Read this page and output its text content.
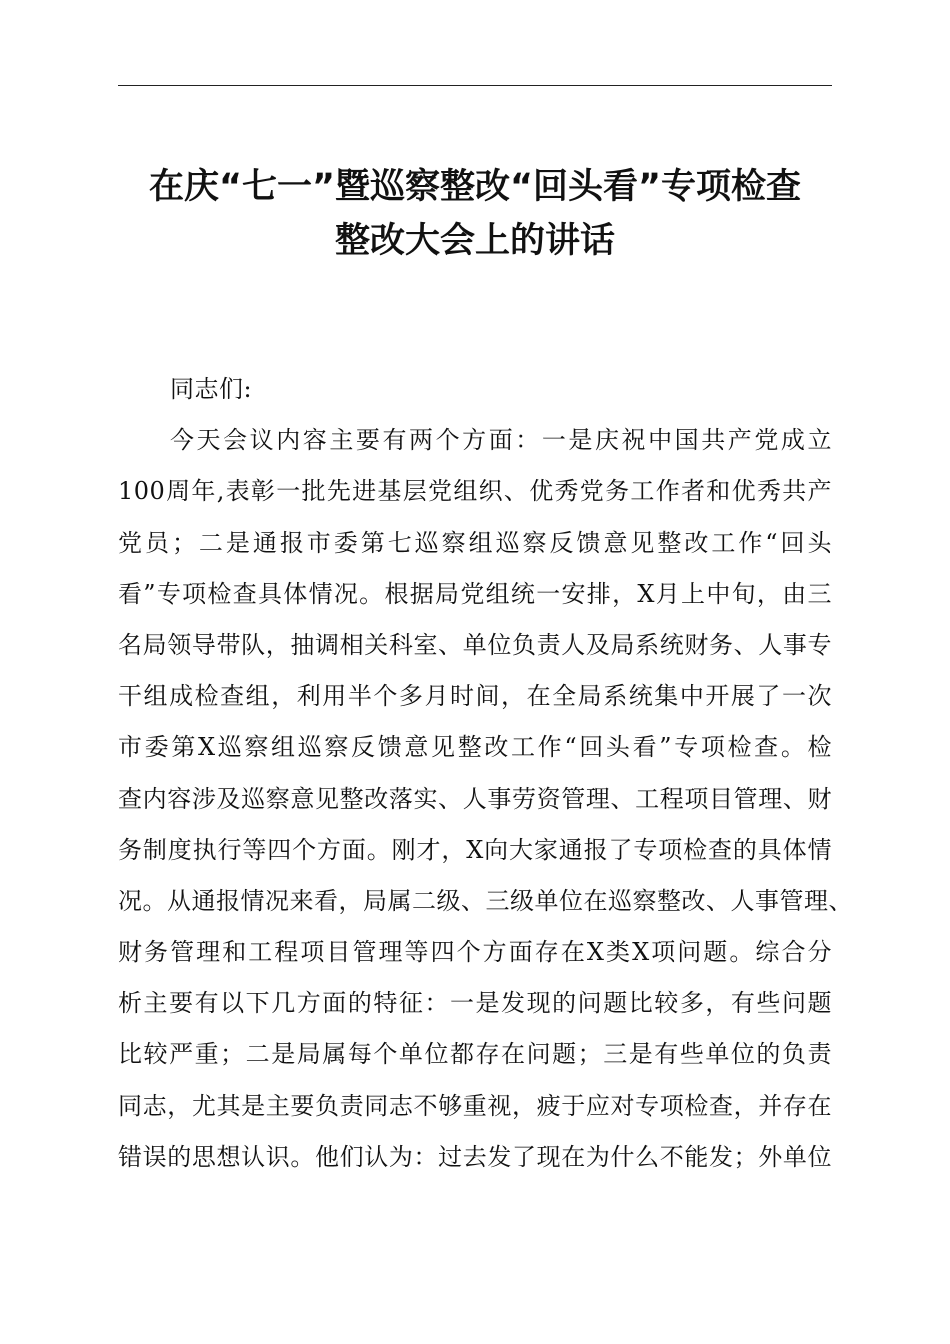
在庆“七一”暨巡察整改“回头看”专项检查
整改大会上的讲话
同志们:
今天会议内容主要有两个方面：一是庆祝中国共产党成立
100周年,表彰一批先进基层党组织、优秀党务工作者和优秀共产
党员；二是通报市委第七巡察组巡察反馈意见整改工作“回头
看”专项检查具体情况。根据局党组统一安排，X月上中旬，由三
名局领导带队，抽调相关科室、单位负责人及局系统财务、人事专
干组成检查组，利用半个多月时间，在全局系统集中开展了一次
市委第X巡察组巡察反馈意见整改工作“回头看”专项检查。检
查内容涉及巡察意见整改落实、人事劳资管理、工程项目管理、财
务制度执行等四个方面。刚才，X向大家通报了专项检查的具体情
况。从通报情况来看，局属二级、三级单位在巡察整改、人事管理、
财务管理和工程项目管理等四个方面存在X类X项问题。综合分
析主要有以下几方面的特征：一是发现的问题比较多，有些问题
比较严重；二是局属每个单位都存在问题；三是有些单位的负责
同志，尤其是主要负责同志不够重视，疲于应对专项检查，并存在
错误的思想认识。他们认为：过去发了现在为什么不能发；外单位
